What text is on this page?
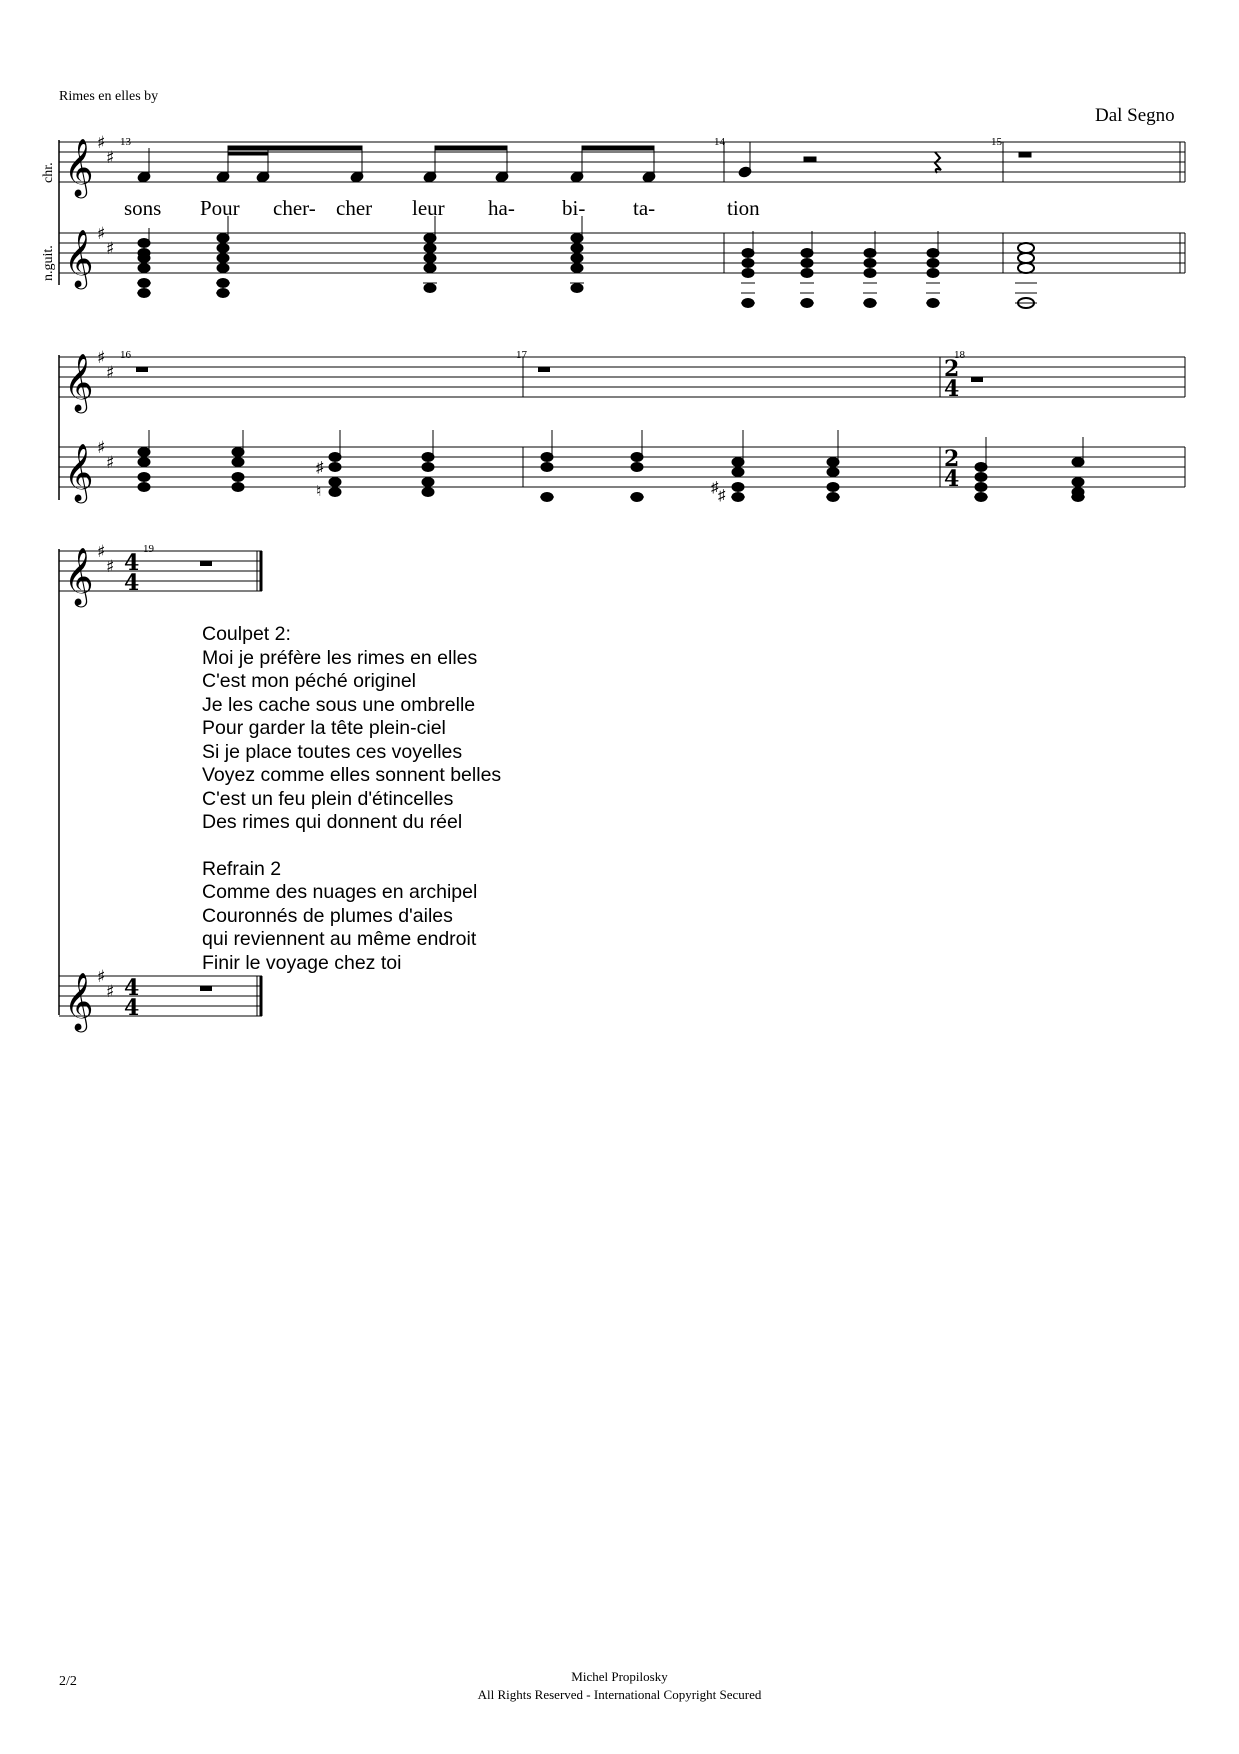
Rimes en elles by
Dal Segno
chr.
n.guit.
13	14	15
16	17	18
19
sons Pour cher- cher leur ha- bi- ta-	tion
𝄞
𝄞
𝄞
𝄞
𝄞
𝄞
♯
♯
♯
♯
♯
♯
♯
♯
♯
♯
♯
♯
2
4
2
4
4
4
4
4
♯
♮	♯ ♯
Coulpet 2:
Moi je préfère les rimes en elles
C'est mon péché originel
Je les cache sous une ombrelle
Pour garder la tête plein-ciel
Si je place toutes ces voyelles
Voyez comme elles sonnent belles
C'est un feu plein d'étincelles
Des rimes qui donnent du réel
Refrain 2
Comme des nuages en archipel
Couronnés de plumes d'ailes
qui reviennent au même endroit
Finir le voyage chez toi
2/2	Michel Propilosky
All Rights Reserved - International Copyright Secured
